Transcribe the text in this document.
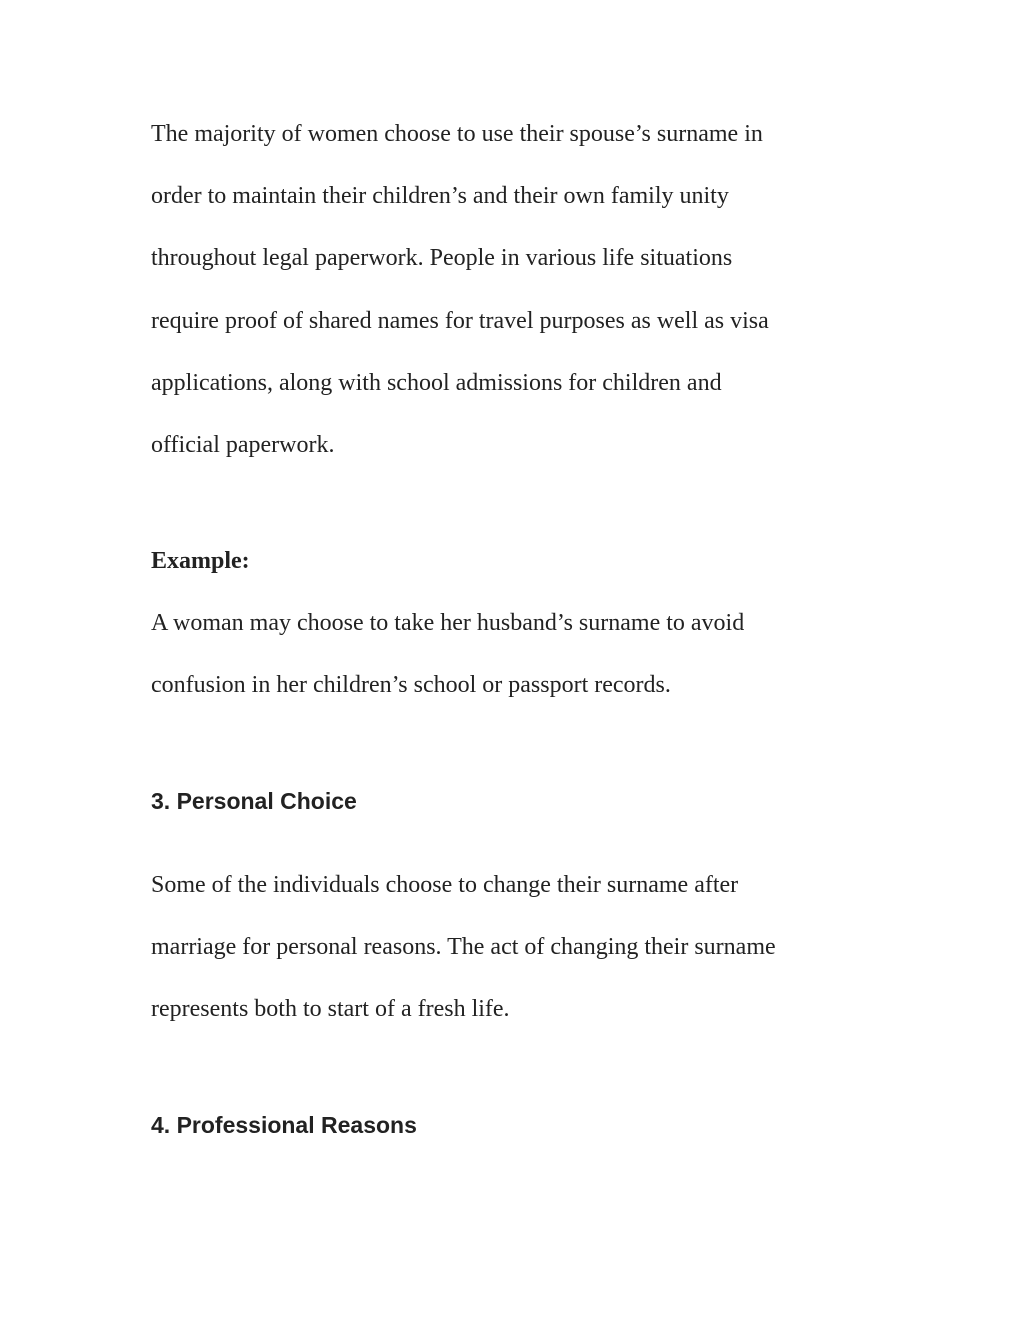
The majority of women choose to use their spouse’s surname in
order to maintain their children’s and their own family unity
throughout legal paperwork. People in various life situations
require proof of shared names for travel purposes as well as visa
applications, along with school admissions for children and
official paperwork.
Example:
A woman may choose to take her husband’s surname to avoid
confusion in her children’s school or passport records.
3. Personal Choice
Some of the individuals choose to change their surname after
marriage for personal reasons. The act of changing their surname
represents both to start of a fresh life.
4. Professional Reasons
